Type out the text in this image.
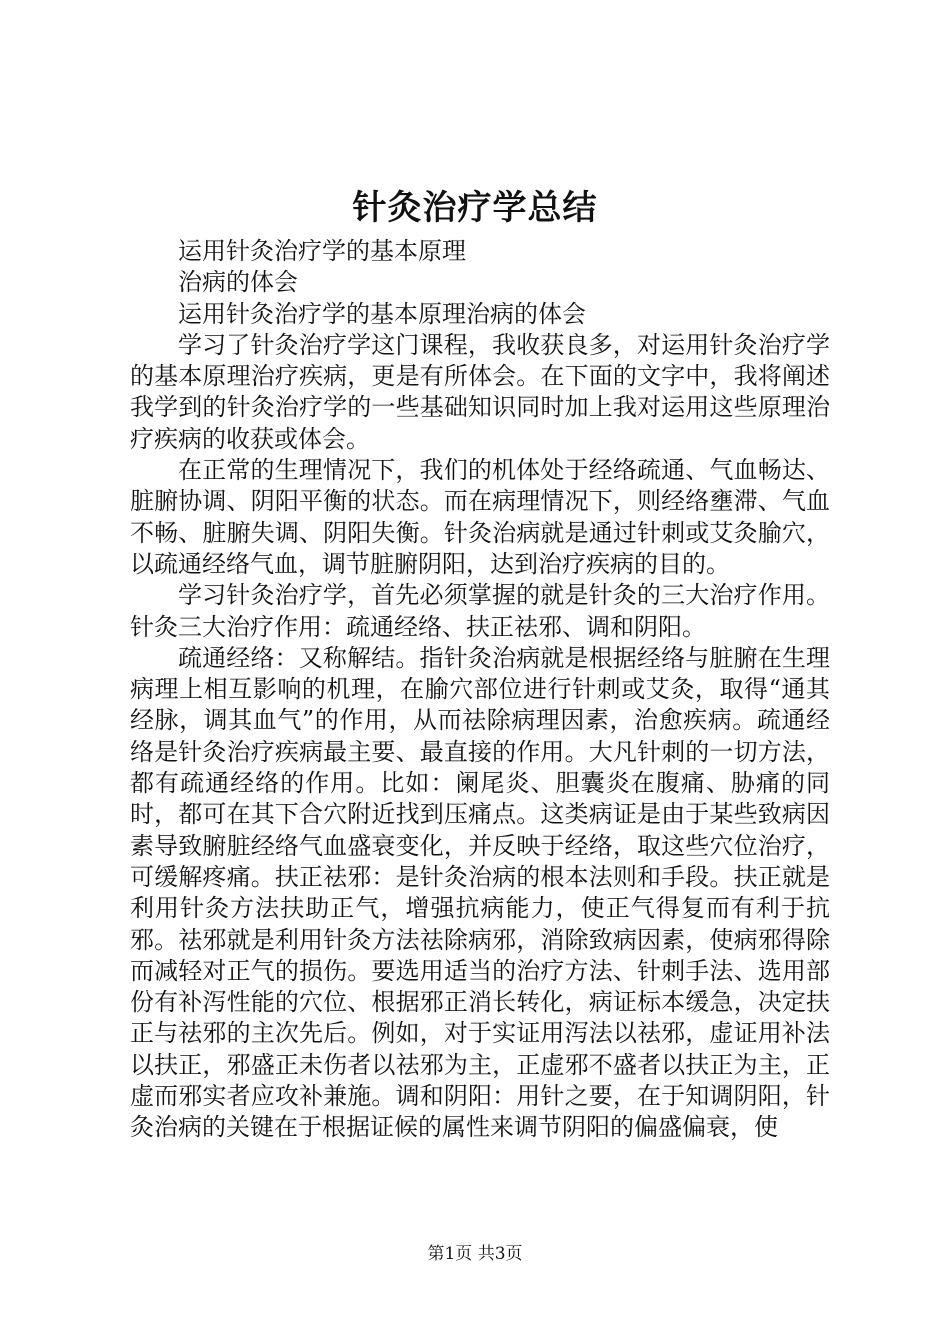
针灸治疗学总结

运用针灸治疗学的基本原理

治病的体会

运用针灸治疗学的基本原理治病的体会

学习了针灸治疗学这门课程，我收获良多，对运用针灸治疗学的基本原理治疗疾病，更是有所体会。在下面的文字中，我将阐述我学到的针灸治疗学的一些基础知识同时加上我对运用这些原理治疗疾病的收获或体会。

在正常的生理情况下，我们的机体处于经络疏通、气血畅达、脏腑协调、阴阳平衡的状态。而在病理情况下，则经络壅滞、气血不畅、脏腑失调、阴阳失衡。针灸治病就是通过针刺或艾灸腧穴，以疏通经络气血，调节脏腑阴阳，达到治疗疾病的目的。

学习针灸治疗学，首先必须掌握的就是针灸的三大治疗作用。针灸三大治疗作用：疏通经络、扶正祛邪、调和阴阳。

疏通经络：又称解结。指针灸治病就是根据经络与脏腑在生理病理上相互影响的机理，在腧穴部位进行针刺或艾灸，取得“通其经脉，调其血气”的作用，从而祛除病理因素，治愈疾病。疏通经络是针灸治疗疾病最主要、最直接的作用。大凡针刺的一切方法，都有疏通经络的作用。比如：阑尾炎、胆囊炎在腹痛、胁痛的同时，都可在其下合穴附近找到压痛点。这类病证是由于某些致病因素导致腑脏经络气血盛衰变化，并反映于经络，取这些穴位治疗，可缓解疼痛。扶正祛邪：是针灸治病的根本法则和手段。扶正就是利用针灸方法扶助正气，增强抗病能力，使正气得复而有利于抗邪。祛邪就是利用针灸方法祛除病邪，消除致病因素，使病邪得除而减轻对正气的损伤。要选用适当的治疗方法、针刺手法、选用部份有补泻性能的穴位、根据邪正消长转化，病证标本缓急，决定扶正与祛邪的主次先后。例如，对于实证用泻法以祛邪，虚证用补法以扶正，邪盛正未伤者以祛邪为主，正虚邪不盛者以扶正为主，正虚而邪实者应攻补兼施。调和阴阳：用针之要，在于知调阴阳，针灸治病的关键在于根据证候的属性来调节阴阳的偏盛偏衰，使

第1页 共3页
